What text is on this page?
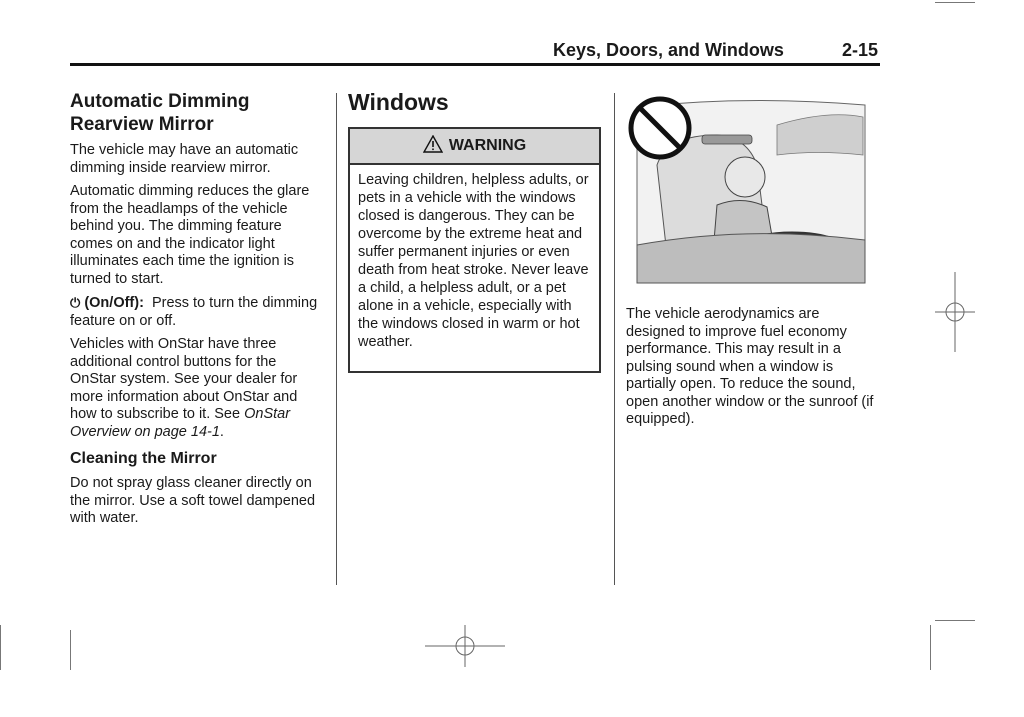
Keys, Doors, and Windows	2-15
Automatic Dimming Rearview Mirror
The vehicle may have an automatic dimming inside rearview mirror.
Automatic dimming reduces the glare from the headlamps of the vehicle behind you. The dimming feature comes on and the indicator light illuminates each time the ignition is turned to start.
⏻ (On/Off): Press to turn the dimming feature on or off.
Vehicles with OnStar have three additional control buttons for the OnStar system. See your dealer for more information about OnStar and how to subscribe to it. See OnStar Overview on page 14-1.
Cleaning the Mirror
Do not spray glass cleaner directly on the mirror. Use a soft towel dampened with water.
Windows
WARNING
Leaving children, helpless adults, or pets in a vehicle with the windows closed is dangerous. They can be overcome by the extreme heat and suffer permanent injuries or even death from heat stroke. Never leave a child, a helpless adult, or a pet alone in a vehicle, especially with the windows closed in warm or hot weather.
The vehicle aerodynamics are designed to improve fuel economy performance. This may result in a pulsing sound when a window is partially open. To reduce the sound, open another window or the sunroof (if equipped).
